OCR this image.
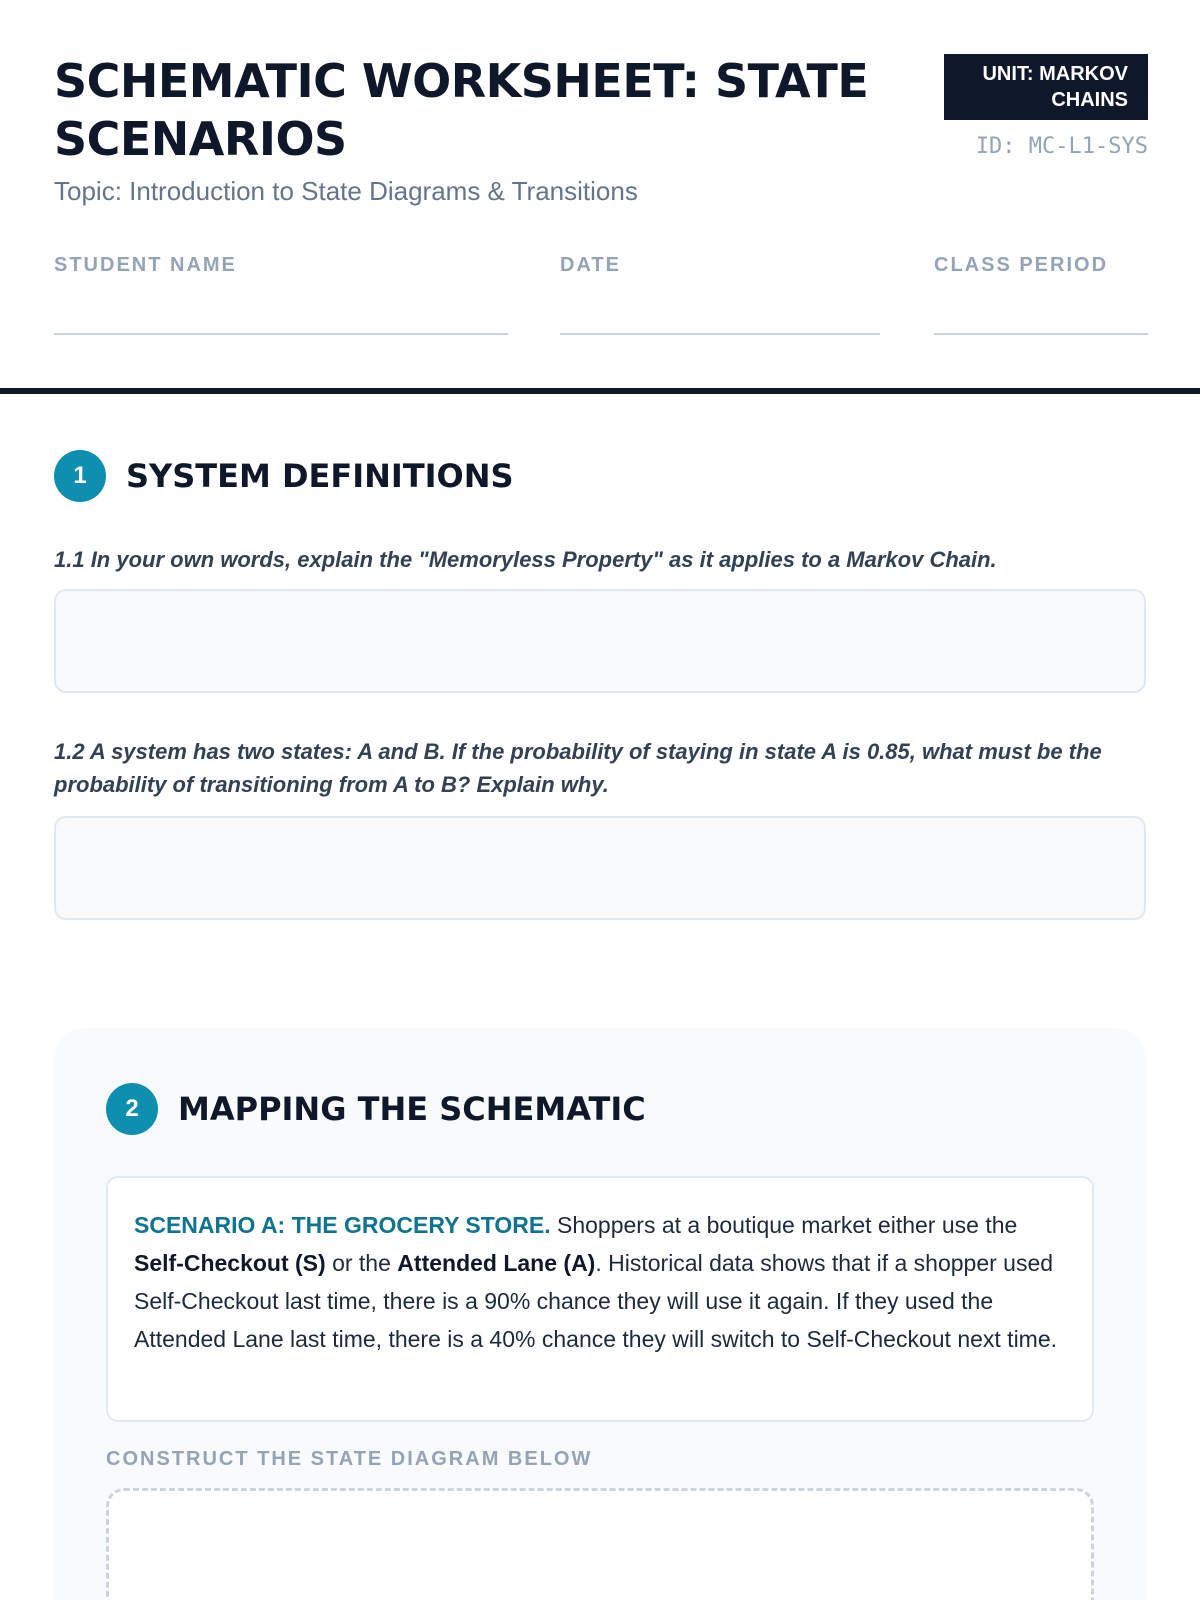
SCHEMATIC WORKSHEET: STATE SCENARIOS
Topic: Introduction to State Diagrams & Transitions
UNIT: MARKOV CHAINS
ID: MC-L1-SYS
STUDENT NAME	DATE	CLASS PERIOD
1	SYSTEM DEFINITIONS
1.1 In your own words, explain the "Memoryless Property" as it applies to a Markov Chain.
1.2 A system has two states: A and B. If the probability of staying in state A is 0.85, what must be the probability of transitioning from A to B? Explain why.
2	MAPPING THE SCHEMATIC
SCENARIO A: THE GROCERY STORE. Shoppers at a boutique market either use the Self-Checkout (S) or the Attended Lane (A). Historical data shows that if a shopper used Self-Checkout last time, there is a 90% chance they will use it again. If they used the Attended Lane last time, there is a 40% chance they will switch to Self-Checkout next time.
CONSTRUCT THE STATE DIAGRAM BELOW
